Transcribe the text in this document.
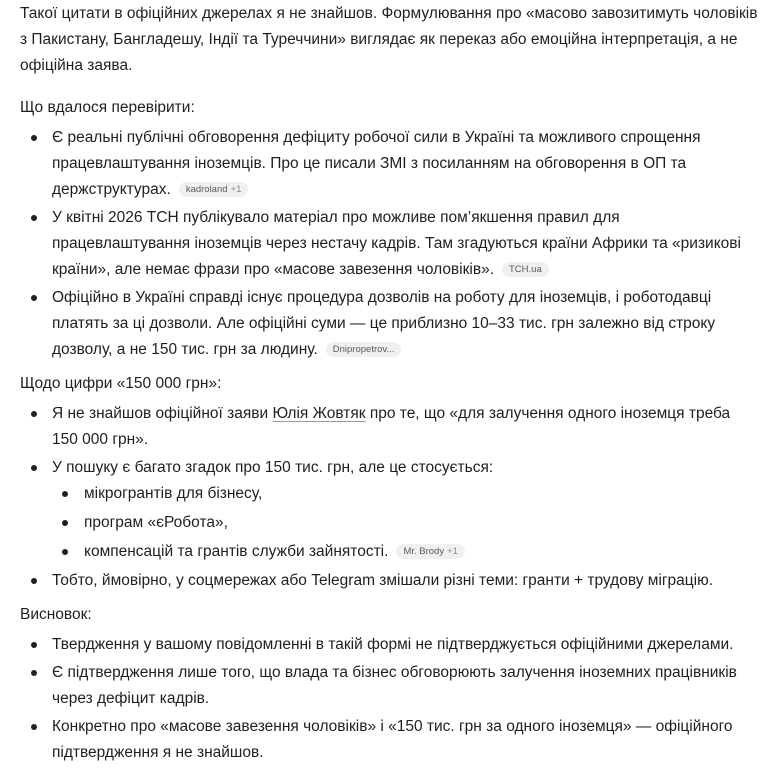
Такої цитати в офіційних джерелах я не знайшов. Формулювання про «масово завозитимуть чоловіків з Пакистану, Бангладешу, Індії та Туреччини» виглядає як переказ або емоційна інтерпретація, а не офіційна заява.

Що вдалося перевірити:

Є реальні публічні обговорення дефіциту робочої сили в Україні та можливого спрощення працевлаштування іноземців. Про це писали ЗМІ з посиланням на обговорення в ОП та держструктурах. kadroland +1
У квітні 2026 ТСН публікувало матеріал про можливе пом’якшення правил для працевлаштування іноземців через нестачу кадрів. Там згадуються країни Африки та «ризикові країни», але немає фрази про «масове завезення чоловіків». TCH.ua
Офіційно в Україні справді існує процедура дозволів на роботу для іноземців, і роботодавці платять за ці дозволи. Але офіційні суми — це приблизно 10–33 тис. грн залежно від строку дозволу, а не 150 тис. грн за людину. Dnipropetrov...

Щодо цифри «150 000 грн»:

Я не знайшов офіційної заяви Юлія Жовтяк про те, що «для залучення одного іноземця треба 150 000 грн».
У пошуку є багато згадок про 150 тис. грн, але це стосується:
мікрогрантів для бізнесу,
програм «єРобота»,
компенсацій та грантів служби зайнятості. Mr. Brody +1
Тобто, ймовірно, у соцмережах або Telegram змішали різні теми: гранти + трудову міграцію.

Висновок:

Твердження у вашому повідомленні в такій формі не підтверджується офіційними джерелами.
Є підтвердження лише того, що влада та бізнес обговорюють залучення іноземних працівників через дефіцит кадрів.
Конкретно про «масове завезення чоловіків» і «150 тис. грн за одного іноземця» — офіційного підтвердження я не знайшов.
